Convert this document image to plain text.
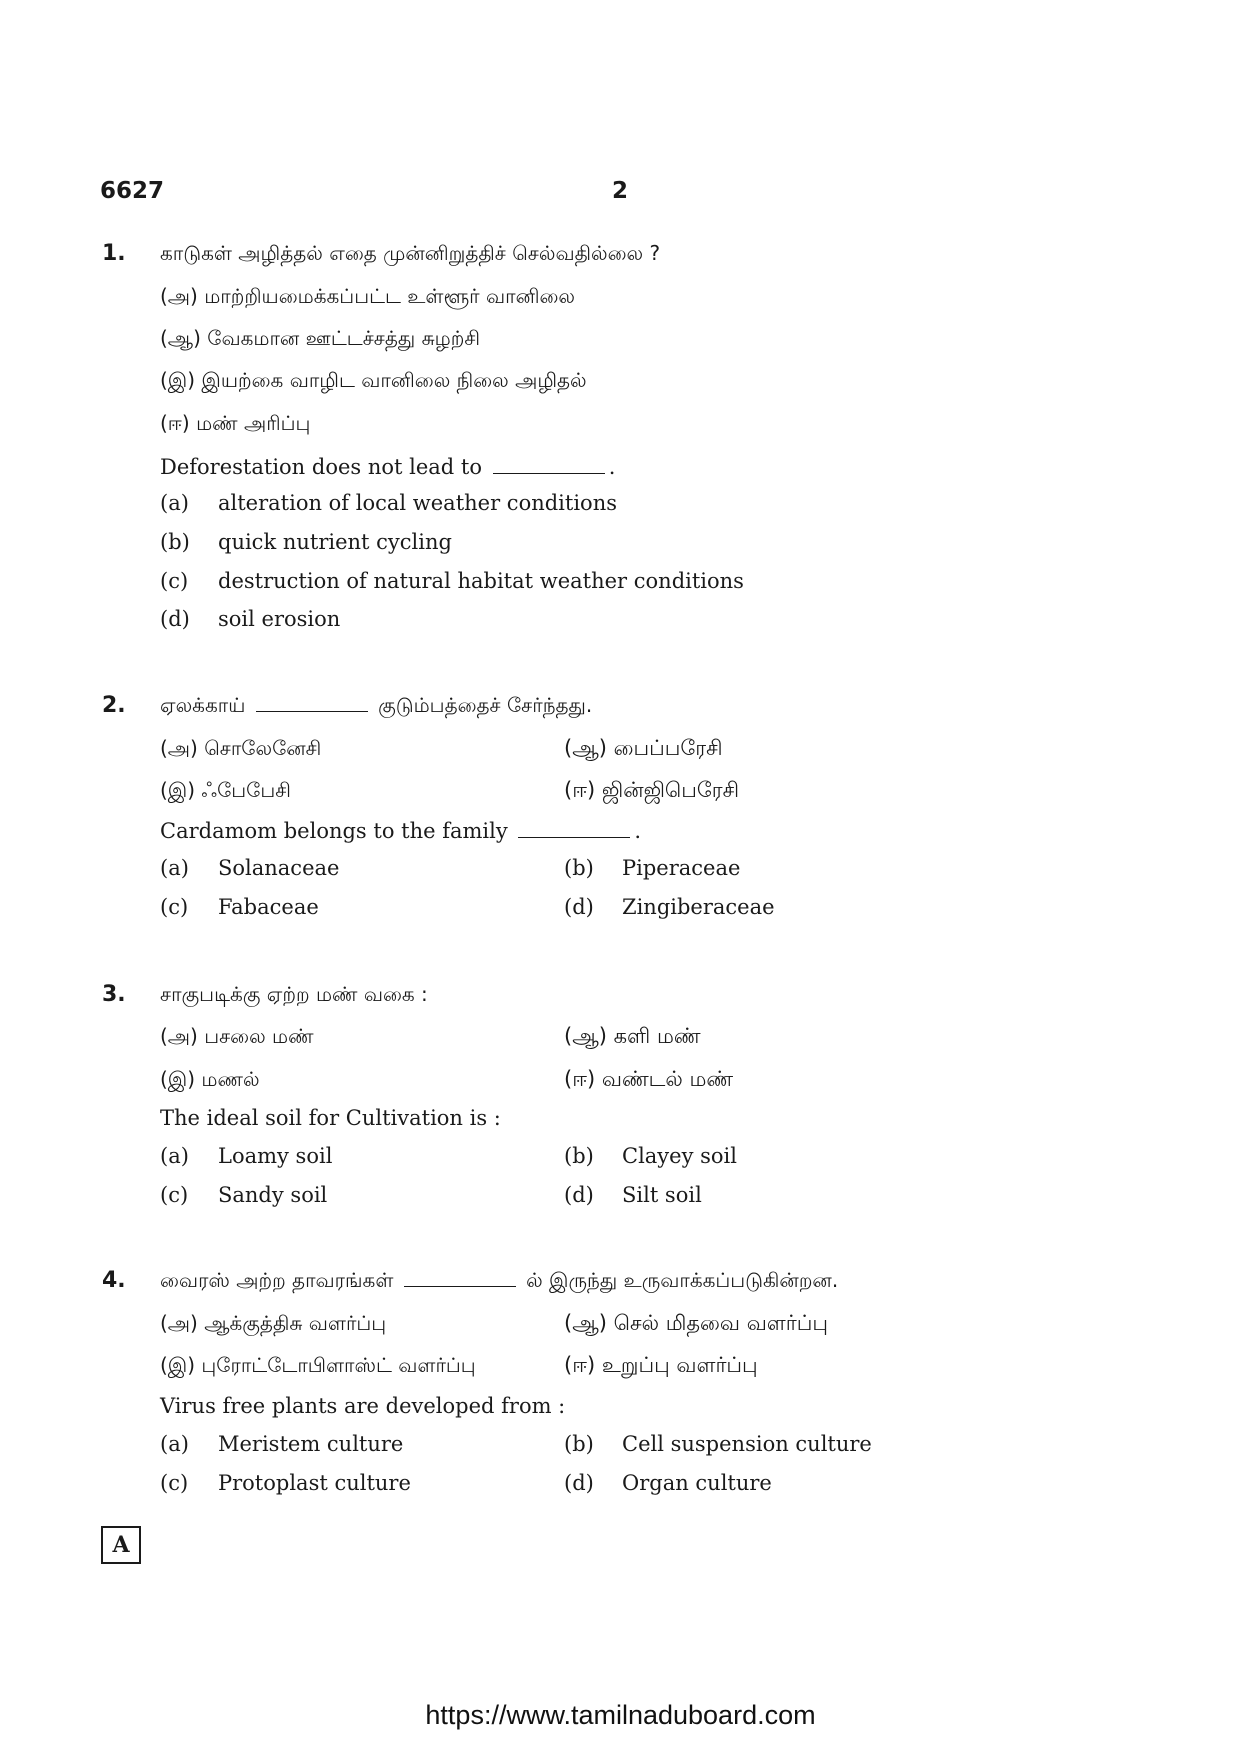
6627	2
1. காடுகள் அழித்தல் எதை முன்னிறுத்திச் செல்வதில்லை ?
(அ) மாற்றியமைக்கப்பட்ட உள்ளூர் வானிலை
(ஆ) வேகமான ஊட்டச்சத்து சுழற்சி
(இ) இயற்கை வாழிட வானிலை நிலை அழிதல்
(ஈ) மண் அரிப்பு
Deforestation does not lead to	.
(a) alteration of local weather conditions
(b) quick nutrient cycling
(c) destruction of natural habitat weather conditions
(d) soil erosion
2. ஏலக்காய்	குடும்பத்தைச் சேர்ந்தது.
(அ) சொலேனேசி	(ஆ) பைப்பரேசி
(இ) ஃபேபேசி	(ஈ) ஜின்ஜிபெரேசி
Cardamom belongs to the family	.
(a) Solanaceae	(b) Piperaceae
(c) Fabaceae	(d) Zingiberaceae
3. சாகுபடிக்கு ஏற்ற மண் வகை :
(அ) பசலை மண்	(ஆ) களி மண்
(இ) மணல்	(ஈ) வண்டல் மண்
The ideal soil for Cultivation is :
(a) Loamy soil	(b) Clayey soil
(c) Sandy soil	(d) Silt soil
4. வைரஸ் அற்ற தாவரங்கள்	ல் இருந்து உருவாக்கப்படுகின்றன.
(அ) ஆக்குத்திசு வளர்ப்பு	(ஆ) செல் மிதவை வளர்ப்பு
(இ) புரோட்டோபிளாஸ்ட் வளர்ப்பு	(ஈ) உறுப்பு வளர்ப்பு
Virus free plants are developed from :
(a) Meristem culture	(b) Cell suspension culture
(c) Protoplast culture	(d) Organ culture
A
https://www.tamilnaduboard.com
